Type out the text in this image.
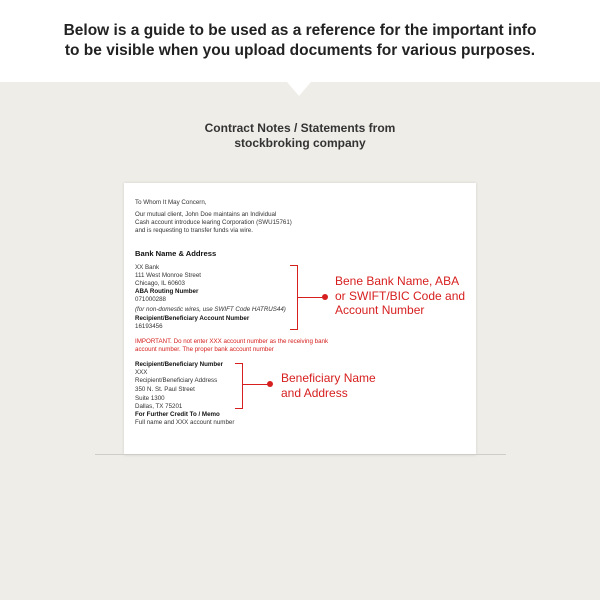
Below is a guide to be used as a reference for the important info
to be visible when you upload documents for various purposes.
Contract Notes / Statements from
stockbroking company
To Whom It May Concern,
Our mutual client, John Doe maintains an Individual
Cash account introduce learing Corporation (SWU15761)
and is requesting to transfer funds via wire.
Bank Name & Address
XX Bank
111 West Monroe Street
Chicago, IL 60603
ABA Routing Number
071000288
(for non-domestic wires, use SWIFT Code HATRUS44)
Recipient/Beneficiary Account Number
16193456
IMPORTANT. Do not enter XXX account number as the receiving bank
account number. The proper bank account number
Recipient/Beneficiary Number
XXX
Recipient/Beneficiary Address
350 N. St. Paul Street
Suite 1300
Dallas, TX 75201
For Further Credit To / Memo
Full name and XXX account number
Bene Bank Name, ABA
or SWIFT/BIC Code and
Account Number
Beneficiary Name
and Address
